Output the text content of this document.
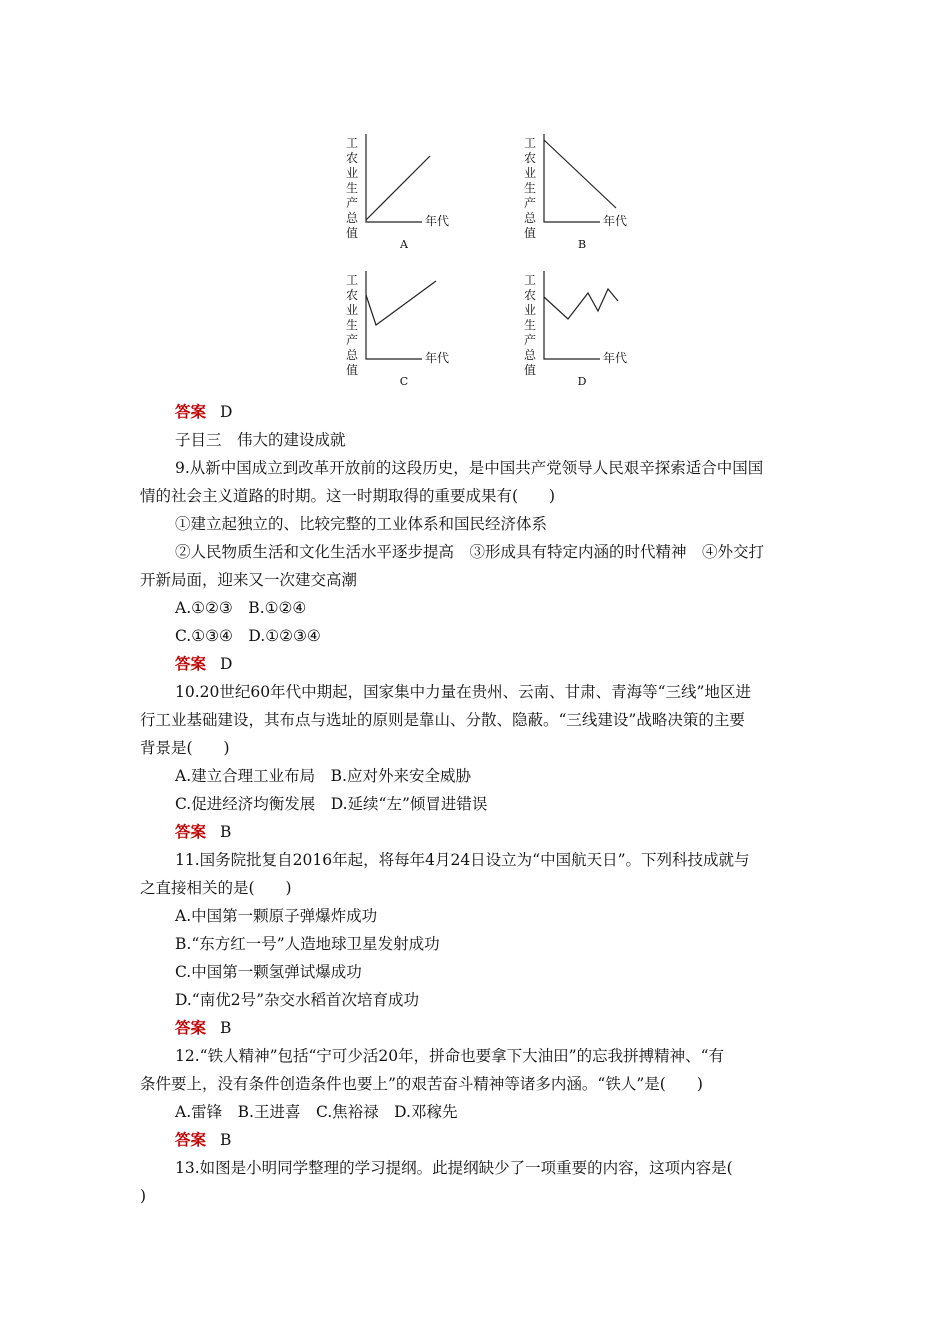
工
农
业
生
产
总
值
年代
A
工
农
业
生
产
总
值
年代
B
工
农
业
生
产
总
值
年代
C
工
农
业
生
产
总
值
年代
D
答案 D
子目三　伟大的建设成就
9.从新中国成立到改革开放前的这段历史，是中国共产党领导人民艰辛探索适合中国国
情的社会主义道路的时期。这一时期取得的重要成果有(　　)
①建立起独立的、比较完整的工业体系和国民经济体系
②人民物质生活和文化生活水平逐步提高　③形成具有特定内涵的时代精神　④外交打
开新局面，迎来又一次建交高潮
A.①②③　B.①②④
C.①③④　D.①②③④
答案 D
10.20世纪60年代中期起，国家集中力量在贵州、云南、甘肃、青海等“三线”地区进
行工业基础建设，其布点与选址的原则是靠山、分散、隐蔽。“三线建设”战略决策的主要
背景是(　　)
A.建立合理工业布局　B.应对外来安全威胁
C.促进经济均衡发展　D.延续“左”倾冒进错误
答案 B
11.国务院批复自2016年起，将每年4月24日设立为“中国航天日”。下列科技成就与
之直接相关的是(　　)
A.中国第一颗原子弹爆炸成功
B.“东方红一号”人造地球卫星发射成功
C.中国第一颗氢弹试爆成功
D.“南优2号”杂交水稻首次培育成功
答案 B
12.“铁人精神”包括“宁可少活20年，拼命也要拿下大油田”的忘我拼搏精神、“有
条件要上，没有条件创造条件也要上”的艰苦奋斗精神等诸多内涵。“铁人”是(　　)
A.雷锋　B.王进喜　C.焦裕禄　D.邓稼先
答案 B
13.如图是小明同学整理的学习提纲。此提纲缺少了一项重要的内容，这项内容是(
)
